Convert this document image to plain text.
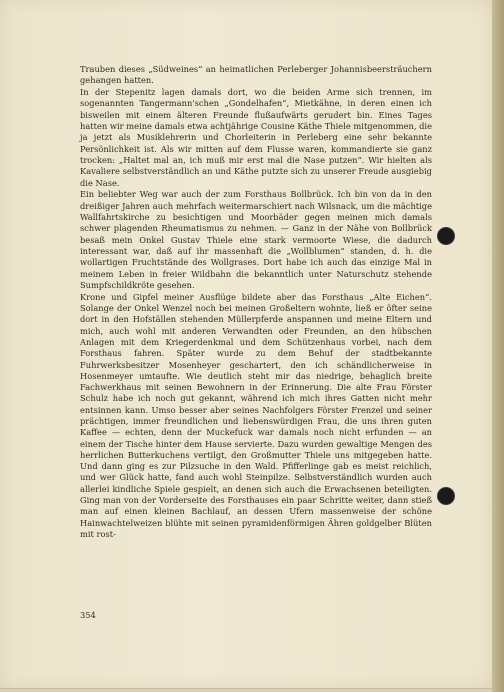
Trauben dieses „Südweines“ an heimatlichen Perleberger Johannisbeersträuchern gehangen hatten.

In der Stepenitz lagen damals dort, wo die beiden Arme sich trennen, im sogenannten Tangermann'schen „Gondelhafen“, Mietkähne, in deren einen ich bisweilen mit einem älteren Freunde flußaufwärts gerudert bin. Eines Tages hatten wir meine damals etwa achtjährige Cousine Käthe Thiele mitgenommen, die ja jetzt als Musiklehrerin und Chorleiterin in Perleberg eine sehr bekannte Persönlichkeit ist. Als wir mitten auf dem Flusse waren, kommandierte sie ganz trocken: „Haltet mal an, ich muß mir erst mal die Nase putzen“. Wir hielten als Kavaliere selbstverständlich an und Käthe putzte sich zu unserer Freude ausgiebig die Nase.

Ein beliebter Weg war auch der zum Forsthaus Bollbrück. Ich bin von da in den dreißiger Jahren auch mehrfach weitermarschiert nach Wilsnack, um die mächtige Wallfahrtskirche zu besichtigen und Moorbäder gegen meinen mich damals schwer plagenden Rheumatismus zu nehmen. — Ganz in der Nähe von Bollbrück besaß mein Onkel Gustav Thiele eine stark vermoorte Wiese, die dadurch interessant war, daß auf ihr massenhaft die „Wollblumen“ standen, d. h. die wollartigen Fruchtstände des Wollgrases. Dort habe ich auch das einzige Mal in meinem Leben in freier Wildbahn die bekanntlich unter Naturschutz stehende Sumpfschildkröte gesehen.

Krone und Gipfel meiner Ausflüge bildete aber das Forsthaus „Alte Eichen“. Solange der Onkel Wenzel noch bei meinen Großeltern wohnte, ließ er öfter seine dort in den Hofställen stehenden Müllerpferde anspannen und meine Eltern und mich, auch wohl mit anderen Verwandten oder Freunden, an den hübschen Anlagen mit dem Kriegerdenkmal und dem Schützenhaus vorbei, nach dem Forsthaus fahren. Später wurde zu dem Behuf der stadtbekannte Fuhrwerksbesitzer Mosenheyer geschartert, den ich schändlicherweise in Hosenmeyer umtaufte. Wie deutlich steht mir das niedrige, behaglich breite Fachwerkhaus mit seinen Bewohnern in der Erinnerung. Die alte Frau Förster Schulz habe ich noch gut gekannt, während ich mich ihres Gatten nicht mehr entsinnen kann. Umso besser aber seines Nachfolgers Förster Frenzel und seiner prächtigen, immer freundlichen und liebenswürdigen Frau, die uns ihren guten Kaffee — echten, denn der Muckefuck war damals noch nicht erfunden — an einem der Tische hinter dem Hause servierte. Dazu wurden gewaltige Mengen des herrlichen Butterkuchens vertilgt, den Großmutter Thiele uns mitgegeben hatte. Und dann ging es zur Pilzsuche in den Wald. Pfifferlinge gab es meist reichlich, und wer Glück hatte, fand auch wohl Steinpilze. Selbstverständlich wurden auch allerlei kindliche Spiele gespielt, an denen sich auch die Erwachsenen beteiligten. Ging man von der Vorderseite des Forsthauses ein paar Schritte weiter, dann stieß man auf einen kleinen Bachlauf, an dessen Ufern massenweise der schöne Hainwachtelweizen blühte mit seinen pyramidenförmigen Ähren goldgelber Blüten mit rost-

354
